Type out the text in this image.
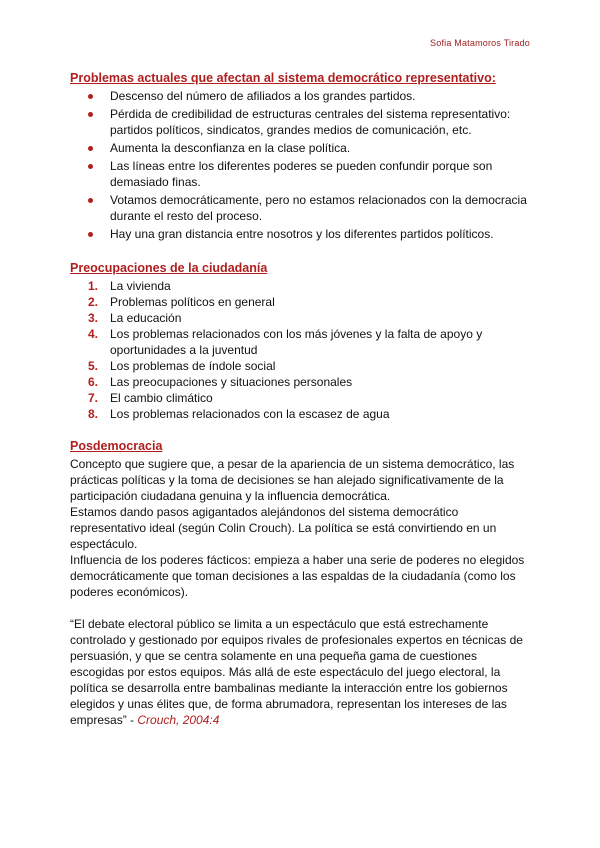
Sofia Matamoros Tirado
Problemas actuales que afectan al sistema democrático representativo:
Descenso del número de afiliados a los grandes partidos.
Pérdida de credibilidad de estructuras centrales del sistema representativo: partidos políticos, sindicatos, grandes medios de comunicación, etc.
Aumenta la desconfianza en la clase política.
Las líneas entre los diferentes poderes se pueden confundir porque son demasiado finas.
Votamos democráticamente, pero no estamos relacionados con la democracia durante el resto del proceso.
Hay una gran distancia entre nosotros y los diferentes partidos políticos.
Preocupaciones de la ciudadanía
1. La vivienda
2. Problemas políticos en general
3. La educación
4. Los problemas relacionados con los más jóvenes y la falta de apoyo y oportunidades a la juventud
5. Los problemas de índole social
6. Las preocupaciones y situaciones personales
7. El cambio climático
8. Los problemas relacionados con la escasez de agua
Posdemocracia

Concepto que sugiere que, a pesar de la apariencia de un sistema democrático, las prácticas políticas y la toma de decisiones se han alejado significativamente de la participación ciudadana genuina y la influencia democrática.

Estamos dando pasos agigantados alejándonos del sistema democrático representativo ideal (según Colin Crouch). La política se está convirtiendo en un espectáculo.

Influencia de los poderes fácticos: empieza a haber una serie de poderes no elegidos democráticamente que toman decisiones a las espaldas de la ciudadanía (como los poderes económicos).

“El debate electoral público se limita a un espectáculo que está estrechamente controlado y gestionado por equipos rivales de profesionales expertos en técnicas de persuasión, y que se centra solamente en una pequeña gama de cuestiones escogidas por estos equipos. Más allá de este espectáculo del juego electoral, la política se desarrolla entre bambalinas mediante la interacción entre los gobiernos elegidos y unas élites que, de forma abrumadora, representan los intereses de las empresas” - Crouch, 2004:4
